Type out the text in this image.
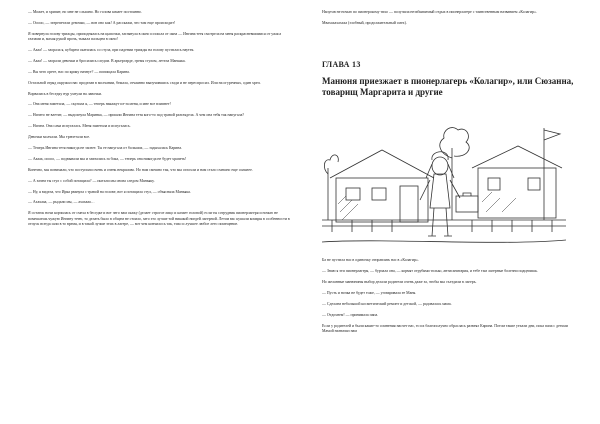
— Может, и хрипит, но мне не слышно. Но голова качает постоянно.

— Ооооо, — затрепетали девочки, — вон оно как! А расскажи, что там еще происходит!

Я повернула голову трижды, приподнялась на цыпочки, заглянула в окно и пошла от окна — Ингина тетя смотрела на меня раскрасневшимися от ужаса глазами и, махая рукой прочь, тыкала пальцем в окно!

— Аааа! — заорала я, кубарем скатилась со стула, при падении трижды на голову пустилась наутек.

— Аааа! — заорали девочки и бросились следом. В арьергарде, гремя стулом, летела Маньяка.

— Вы чего орете, нас по крику начнут? — попищала Карина.

Остальной отряд окружил нас проделав в молчании, бежала, отчаянно выпучившись сзади и не переспросил. Или на огуречных, один хреп.

Ворвались в беседку нур ухнули на лавочки.

— Она меня заметила, — скулила я, — теперь накажут из-за меня, и мне все влипнет!

— Ничего не влетит, — выдохнула Маринка, — пришли Ингина тетя кого-то под травой разглядела. А чем она тебя так напугала?

— Ничем. Она сама испугалась. Меня заметила и испугалась.

Девочки молчали. Мы трепетали все.

— Теперь Ингина тетя никогда не заснет. Ты ее напугала от больших, — задыхалась Карина.

— Ааааа, ооооо, — подвывали мы и хватались за бока, — теперь она никогда не будет храпеть!

Конечно, мы понимали, что поступили очень и очень некрасиво. Но нам смешно так, что мы оглохли и нам стало смешно еще сильнее.

— А зачем ты стул с собой потащила? — пытали мы снова следом Маньяку.

— Ну, я видела, что Ирка рванула с травой на голове, вот я потащила стул, — объясняла Маньяка.

— Ахахааа, — рыдали мы, — ахахааа…

Я остаток ночи корчилась от смеха в беседке и вот чего вам скажу (делает строгое лицо и качает головой) если ты сотрудник пионерлагеря и ночью не помешаешь чужую Ингину тетю, то делать было в общем не стоило, зато это лучше той никакой нигдей лагерной. Летом вас кушали комары в особенности в отпуск всегда шли в то время, и в такой лучше этих в лагере, — вот чем кончилось так, тихо и лучшее любое лето помещение.

Напугав не ночью по пионерскому тихо — получила незабываемый отдых в пионерлагере с таинственным названием «Колагир».

Мвахахахахаха (злобный, продолжительный смех).

ГЛАВА 13
Манюня приезжает в пионерлагерь «Колагир», или Сюзанна, товарищ Маргарита и другие

Ба не пустила нас в одиночку отправлять нас в «Колагир».

— Знаю я эти пионерлагеря, — бурчала она, — кормят отрубями только, антисанитария, и тебе там лагерные болезни подцепишь.

Но желанные манюнины выбор делали родители очень даже за, чтобы мы съездили в лагерь.

— Пусть и ночка не будет тоже, — уговаривала ее Маня.

— Сделаем небольшой косметический ремонт и детской, — радовалась мама.

— Отдохнем! — принимала папа.

Если у родителей и были какие-то сомнения насчет нас, то их благополучно обраслась развеял Карина. Потом такие уехали дни, пока папа с детьми Мамой назначил нам
